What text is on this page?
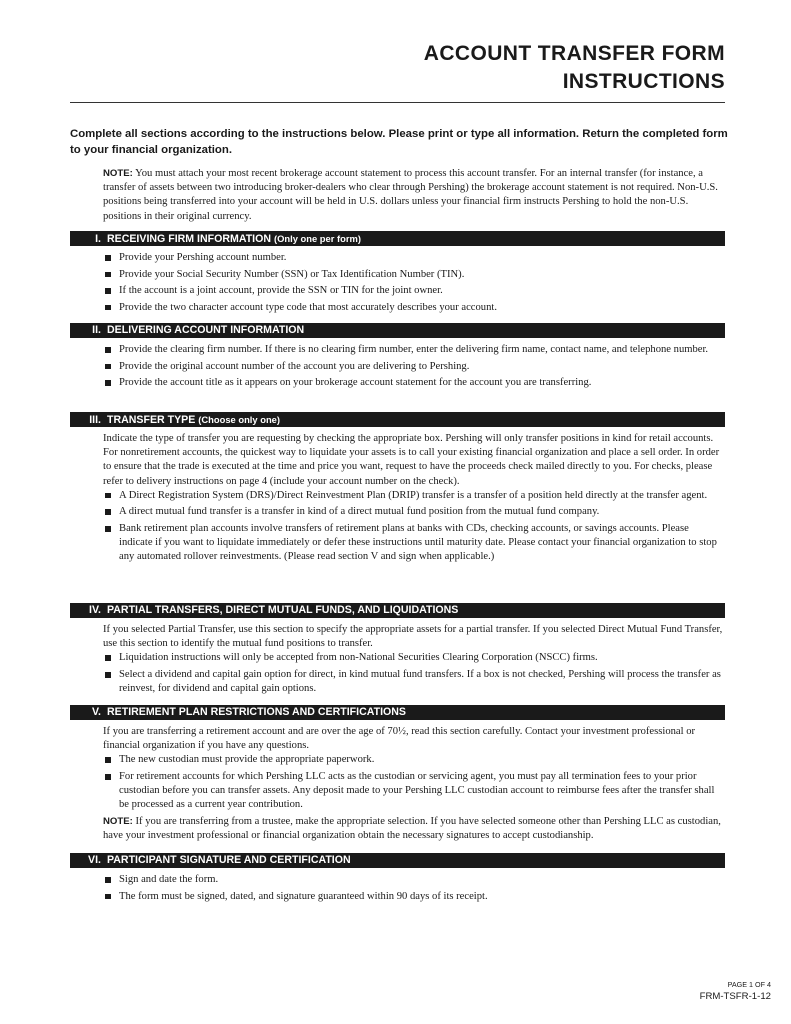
ACCOUNT TRANSFER FORM
INSTRUCTIONS
Complete all sections according to the instructions below. Please print or type all information. Return the completed form to your financial organization.
NOTE: You must attach your most recent brokerage account statement to process this account transfer. For an internal transfer (for instance, a transfer of assets between two introducing broker-dealers who clear through Pershing) the brokerage account statement is not required. Non-U.S. positions being transferred into your account will be held in U.S. dollars unless your financial firm instructs Pershing to hold the non-U.S. positions in their original currency.
I. RECEIVING FIRM INFORMATION (Only one per form)
Provide your Pershing account number.
Provide your Social Security Number (SSN) or Tax Identification Number (TIN).
If the account is a joint account, provide the SSN or TIN for the joint owner.
Provide the two character account type code that most accurately describes your account.
II. DELIVERING ACCOUNT INFORMATION
Provide the clearing firm number. If there is no clearing firm number, enter the delivering firm name, contact name, and telephone number.
Provide the original account number of the account you are delivering to Pershing.
Provide the account title as it appears on your brokerage account statement for the account you are transferring.
III. TRANSFER TYPE (Choose only one)

Indicate the type of transfer you are requesting by checking the appropriate box. Pershing will only transfer positions in kind for retail accounts. For nonretirement accounts, the quickest way to liquidate your assets is to call your existing financial organization and place a sell order. In order to ensure that the trade is executed at the time and price you want, request to have the proceeds check mailed directly to you. For checks, please refer to delivery instructions on page 4 (include your account number on the check).

A Direct Registration System (DRS)/Direct Reinvestment Plan (DRIP) transfer is a transfer of a position held directly at the transfer agent.
A direct mutual fund transfer is a transfer in kind of a direct mutual fund position from the mutual fund company.
Bank retirement plan accounts involve transfers of retirement plans at banks with CDs, checking accounts, or savings accounts. Please indicate if you want to liquidate immediately or defer these instructions until maturity date. Please contact your financial organization to stop any automated rollover reinvestments. (Please read section V and sign when applicable.)
IV. PARTIAL TRANSFERS, DIRECT MUTUAL FUNDS, AND LIQUIDATIONS

If you selected Partial Transfer, use this section to specify the appropriate assets for a partial transfer. If you selected Direct Mutual Fund Transfer, use this section to identify the mutual fund positions to transfer.

Liquidation instructions will only be accepted from non-National Securities Clearing Corporation (NSCC) firms.
Select a dividend and capital gain option for direct, in kind mutual fund transfers. If a box is not checked, Pershing will process the transfer as reinvest, for dividend and capital gain options.
V. RETIREMENT PLAN RESTRICTIONS AND CERTIFICATIONS

If you are transferring a retirement account and are over the age of 70½, read this section carefully. Contact your investment professional or financial organization if you have any questions.

The new custodian must provide the appropriate paperwork.
For retirement accounts for which Pershing LLC acts as the custodian or servicing agent, you must pay all termination fees to your prior custodian before you can transfer assets. Any deposit made to your Pershing LLC custodian account to reimburse fees after the transfer shall be processed as a current year contribution.

NOTE: If you are transferring from a trustee, make the appropriate selection. If you have selected someone other than Pershing LLC as custodian, have your investment professional or financial organization obtain the necessary signatures to accept custodianship.

VI. PARTICIPANT SIGNATURE AND CERTIFICATION
Sign and date the form.
The form must be signed, dated, and signature guaranteed within 90 days of its receipt.
PAGE 1 OF 4
FRM-TSFR-1-12
